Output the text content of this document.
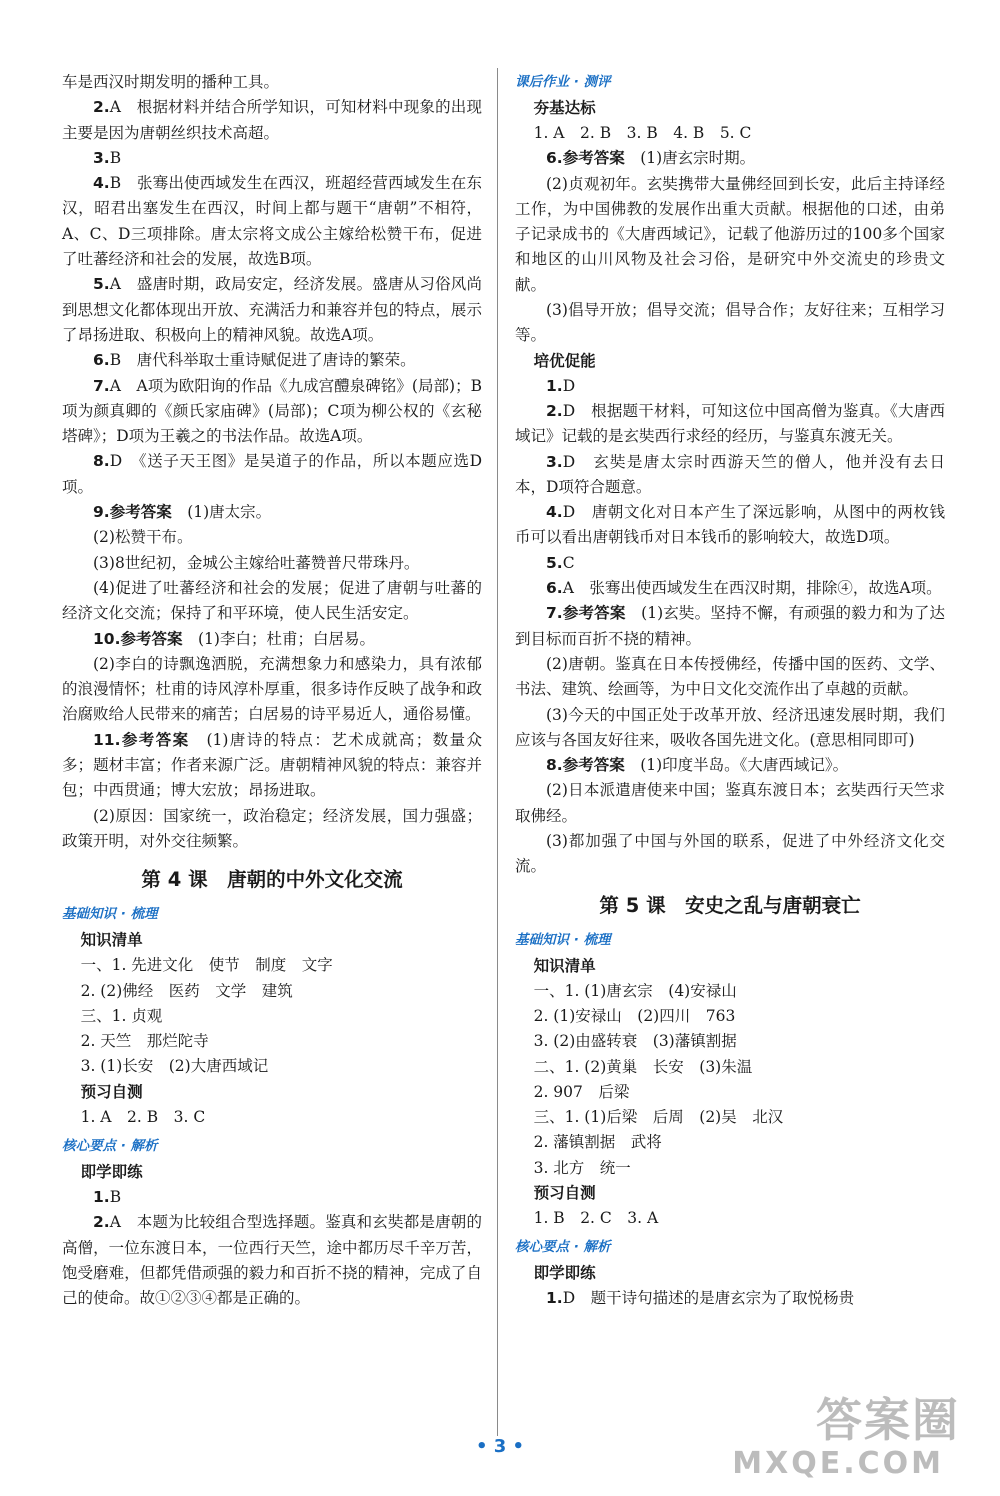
车是西汉时期发明的播种工具。

2.A　根据材料并结合所学知识，可知材料中现象的出现主要是因为唐朝丝织技术高超。

3.B

4.B　张骞出使西域发生在西汉，班超经营西域发生在东汉，昭君出塞发生在西汉，时间上都与题干“唐朝”不相符，A、C、D三项排除。唐太宗将文成公主嫁给松赞干布，促进了吐蕃经济和社会的发展，故选B项。

5.A　盛唐时期，政局安定，经济发展。盛唐从习俗风尚到思想文化都体现出开放、充满活力和兼容并包的特点，展示了昂扬进取、积极向上的精神风貌。故选A项。

6.B　唐代科举取士重诗赋促进了唐诗的繁荣。

7.A　A项为欧阳询的作品《九成宫醴泉碑铭》(局部)；B项为颜真卿的《颜氏家庙碑》(局部)；C项为柳公权的《玄秘塔碑》；D项为王羲之的书法作品。故选A项。

8.D　《送子天王图》是吴道子的作品，所以本题应选D项。

9.参考答案　 (1)唐太宗。

(2)松赞干布。

(3)8世纪初，金城公主嫁给吐蕃赞普尺带珠丹。

(4)促进了吐蕃经济和社会的发展；促进了唐朝与吐蕃的经济文化交流；保持了和平环境，使人民生活安定。

10.参考答案　 (1)李白；杜甫；白居易。

(2)李白的诗飘逸洒脱，充满想象力和感染力，具有浓郁的浪漫情怀；杜甫的诗风淳朴厚重，很多诗作反映了战争和政治腐败给人民带来的痛苦；白居易的诗平易近人，通俗易懂。

11.参考答案　 (1)唐诗的特点：艺术成就高；数量众多；题材丰富；作者来源广泛。唐朝精神风貌的特点：兼容并包；中西贯通；博大宏放；昂扬进取。

(2)原因：国家统一，政治稳定；经济发展，国力强盛；政策开明，对外交往频繁。

第 4 课　唐朝的中外文化交流
基础知识 · 梳理

知识清单

一、1. 先进文化　使节　制度　文字

2. (2)佛经　医药　文学　建筑

三、1. 贞观

2. 天竺　那烂陀寺

3. (1)长安　(2)大唐西域记

预习自测

1. A　2. B　3. C

核心要点 · 解析

即学即练

1.B

2.A　本题为比较组合型选择题。鉴真和玄奘都是唐朝的高僧，一位东渡日本，一位西行天竺，途中都历尽千辛万苦，饱受磨难，但都凭借顽强的毅力和百折不挠的精神，完成了自己的使命。故①②③④都是正确的。

课后作业 · 测评

夯基达标

1. A　2. B　3. B　4. B　5. C

6.参考答案　 (1)唐玄宗时期。

(2)贞观初年。玄奘携带大量佛经回到长安，此后主持译经工作，为中国佛教的发展作出重大贡献。根据他的口述，由弟子记录成书的《大唐西域记》，记载了他游历过的100多个国家和地区的山川风物及社会习俗，是研究中外交流史的珍贵文献。

(3)倡导开放；倡导交流；倡导合作；友好往来；互相学习等。

培优促能

1.D

2.D　根据题干材料，可知这位中国高僧为鉴真。《大唐西域记》记载的是玄奘西行求经的经历，与鉴真东渡无关。

3.D　玄奘是唐太宗时西游天竺的僧人，他并没有去日本，D项符合题意。

4.D　唐朝文化对日本产生了深远影响，从图中的两枚钱币可以看出唐朝钱币对日本钱币的影响较大，故选D项。

5.C

6.A　张骞出使西域发生在西汉时期，排除④，故选A项。

7.参考答案　 (1)玄奘。坚持不懈，有顽强的毅力和为了达到目标而百折不挠的精神。

(2)唐朝。鉴真在日本传授佛经，传播中国的医药、文学、书法、建筑、绘画等，为中日文化交流作出了卓越的贡献。

(3)今天的中国正处于改革开放、经济迅速发展时期，我们应该与各国友好往来，吸收各国先进文化。(意思相同即可)

8.参考答案　 (1)印度半岛。《大唐西域记》。

(2)日本派遣唐使来中国；鉴真东渡日本；玄奘西行天竺求取佛经。

(3)都加强了中国与外国的联系，促进了中外经济文化交流。

第 5 课　安史之乱与唐朝衰亡
基础知识 · 梳理

知识清单

一、1. (1)唐玄宗　(4)安禄山

2. (1)安禄山　(2)四川　763

3. (2)由盛转衰　(3)藩镇割据

二、1. (2)黄巢　长安　(3)朱温

2. 907　后梁

三、1. (1)后梁　后周　(2)吴　北汉

2. 藩镇割据　武将

3. 北方　统一

预习自测

1. B　2. C　3. A

核心要点 · 解析

即学即练

1.D　题干诗句描述的是唐玄宗为了取悦杨贵

• 3 •	答案圈
MXQE.COM
